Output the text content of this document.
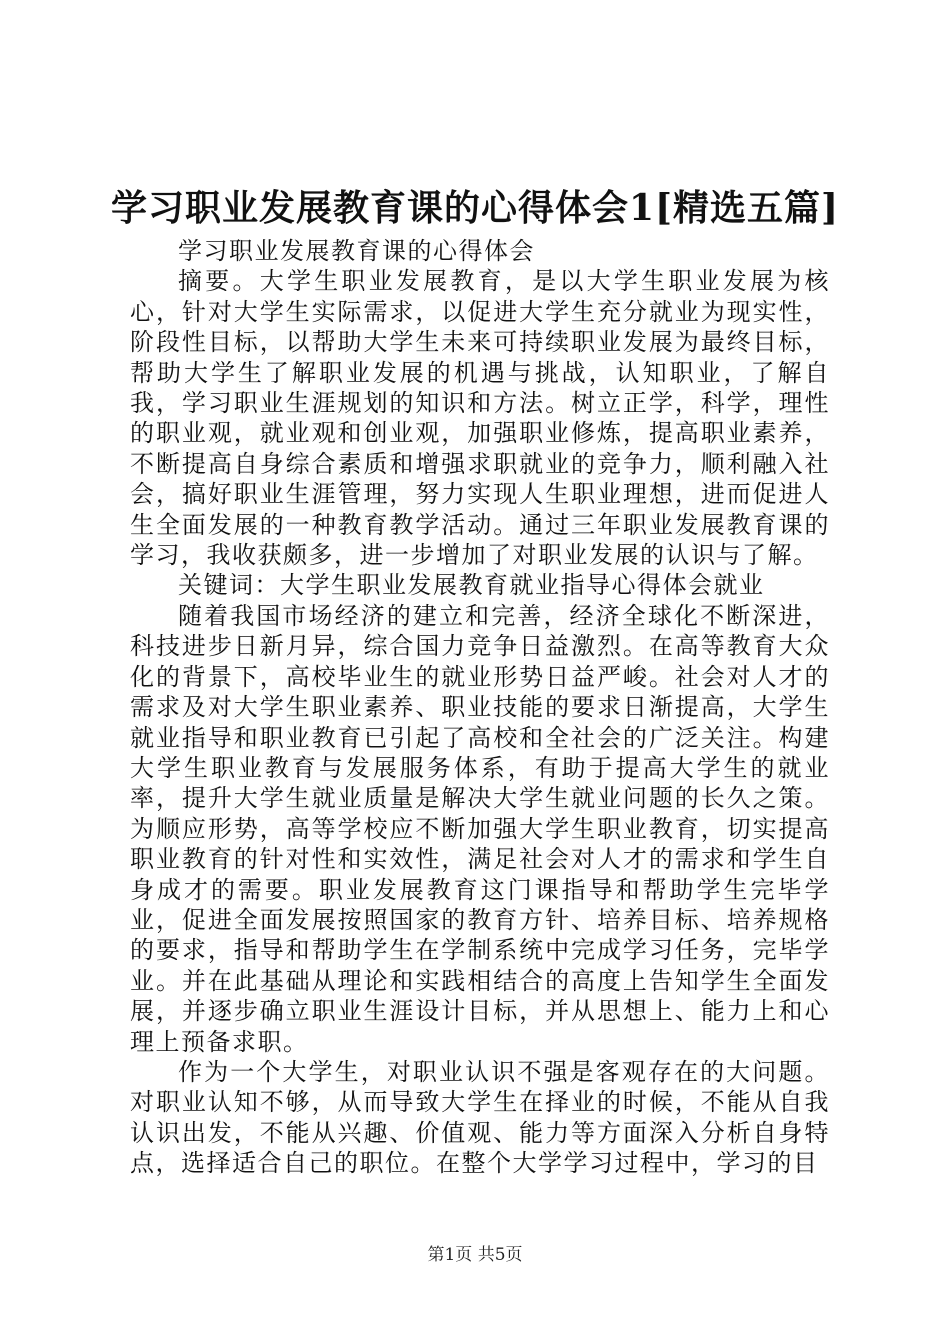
学习职业发展教育课的心得体会1[精选五篇]

学习职业发展教育课的心得体会

摘要。大学生职业发展教育，是以大学生职业发展为核心，针对大学生实际需求，以促进大学生充分就业为现实性，阶段性目标，以帮助大学生未来可持续职业发展为最终目标，帮助大学生了解职业发展的机遇与挑战，认知职业，了解自我，学习职业生涯规划的知识和方法。树立正学，科学，理性的职业观，就业观和创业观，加强职业修炼，提高职业素养，不断提高自身综合素质和增强求职就业的竞争力，顺利融入社会，搞好职业生涯管理，努力实现人生职业理想，进而促进人生全面发展的一种教育教学活动。通过三年职业发展教育课的学习，我收获颇多，进一步增加了对职业发展的认识与了解。

关键词：大学生职业发展教育就业指导心得体会就业

随着我国市场经济的建立和完善，经济全球化不断深进，科技进步日新月异，综合国力竞争日益激烈。在高等教育大众化的背景下，高校毕业生的就业形势日益严峻。社会对人才的需求及对大学生职业素养、职业技能的要求日渐提高，大学生就业指导和职业教育已引起了高校和全社会的广泛关注。构建大学生职业教育与发展服务体系，有助于提高大学生的就业率，提升大学生就业质量是解决大学生就业问题的长久之策。为顺应形势，高等学校应不断加强大学生职业教育，切实提高职业教育的针对性和实效性，满足社会对人才的需求和学生自身成才的需要。职业发展教育这门课指导和帮助学生完毕学业，促进全面发展按照国家的教育方针、培养目标、培养规格的要求，指导和帮助学生在学制系统中完成学习任务，完毕学业。并在此基础从理论和实践相结合的高度上告知学生全面发展，并逐步确立职业生涯设计目标，并从思想上、能力上和心理上预备求职。

作为一个大学生，对职业认识不强是客观存在的大问题。对职业认知不够，从而导致大学生在择业的时候，不能从自我认识出发，不能从兴趣、价值观、能力等方面深入分析自身特点，选择适合自己的职位。在整个大学学习过程中，学习的目

第1页 共5页
